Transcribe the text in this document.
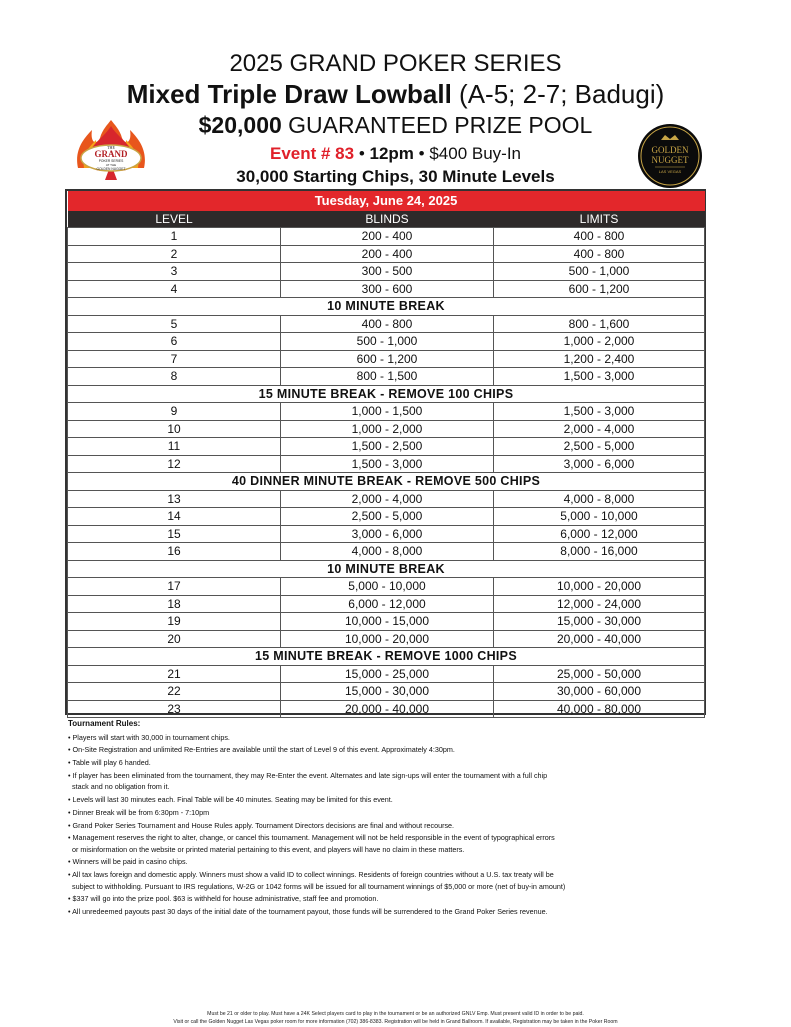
2025 GRAND POKER SERIES
Mixed Triple Draw Lowball (A-5; 2-7; Badugi)
$20,000 GUARANTEED PRIZE POOL
Event # 83 • 12pm • $400 Buy-In
30,000 Starting Chips, 30 Minute Levels
THE
GRAND
POKER SERIES
AT THE
GOLDEN NUGGET
GOLDEN
NUGGET
LAS VEGAS
Tuesday, June 24, 2025		
LEVEL	BLINDS	LIMITS
1	200 - 400	400 - 800
2	200 - 400	400 - 800
3	300 - 500	500 - 1,000
4	300 - 600	600 - 1,200
10 MINUTE BREAK		
5	400 - 800	800 - 1,600
6	500 - 1,000	1,000 - 2,000
7	600 - 1,200	1,200 - 2,400
8	800 - 1,500	1,500 - 3,000
15 MINUTE BREAK - REMOVE 100 CHIPS		
9	1,000 - 1,500	1,500 - 3,000
10	1,000 - 2,000	2,000 - 4,000
11	1,500 - 2,500	2,500 - 5,000
12	1,500 - 3,000	3,000 - 6,000
40 DINNER MINUTE BREAK - REMOVE 500 CHIPS		
13	2,000 - 4,000	4,000 - 8,000
14	2,500 - 5,000	5,000 - 10,000
15	3,000 - 6,000	6,000 - 12,000
16	4,000 - 8,000	8,000 - 16,000
10 MINUTE BREAK		
17	5,000 - 10,000	10,000 - 20,000
18	6,000 - 12,000	12,000 - 24,000
19	10,000 - 15,000	15,000 - 30,000
20	10,000 - 20,000	20,000 - 40,000
15 MINUTE BREAK - REMOVE 1000 CHIPS		
21	15,000 - 25,000	25,000 - 50,000
22	15,000 - 30,000	30,000 - 60,000
23	20,000 - 40,000	40,000 - 80,000
Tournament Rules:
• Players will start with 30,000 in tournament chips.
• On-Site Registration and unlimited Re-Entries are available until the start of Level 9 of this event. Approximately 4:30pm.
• Table will play 6 handed.
• If player has been eliminated from the tournament, they may Re-Enter the event. Alternates and late sign-ups will enter the tournament with a full chip
stack and no obligation from it.
• Levels will last 30 minutes each. Final Table will be 40 minutes. Seating may be limited for this event.
• Dinner Break will be from 6:30pm - 7:10pm
• Grand Poker Series Tournament and House Rules apply. Tournament Directors decisions are final and without recourse.
• Management reserves the right to alter, change, or cancel this tournament. Management will not be held responsible in the event of typographical errors
or misinformation on the website or printed material pertaining to this event, and players will have no claim in these matters.
• Winners will be paid in casino chips.
• All tax laws foreign and domestic apply. Winners must show a valid ID to collect winnings. Residents of foreign countries without a U.S. tax treaty will be
subject to withholding. Pursuant to IRS regulations, W-2G or 1042 forms will be issued for all tournament winnings of $5,000 or more (net of buy-in amount)
• $337 will go into the prize pool. $63 is withheld for house administrative, staff fee and promotion.
• All unredeemed payouts past 30 days of the initial date of the tournament payout, those funds will be surrendered to the Grand Poker Series revenue.
Must be 21 or older to play. Must have a 24K Select players card to play in the tournament or be an authorized GNLV Emp. Must present valid ID in order to be paid.
Visit or call the Golden Nugget Las Vegas poker room for more information (702) 386-8383. Registration will be held in Grand Ballroom. If available, Registration may be taken in the Poker Room
